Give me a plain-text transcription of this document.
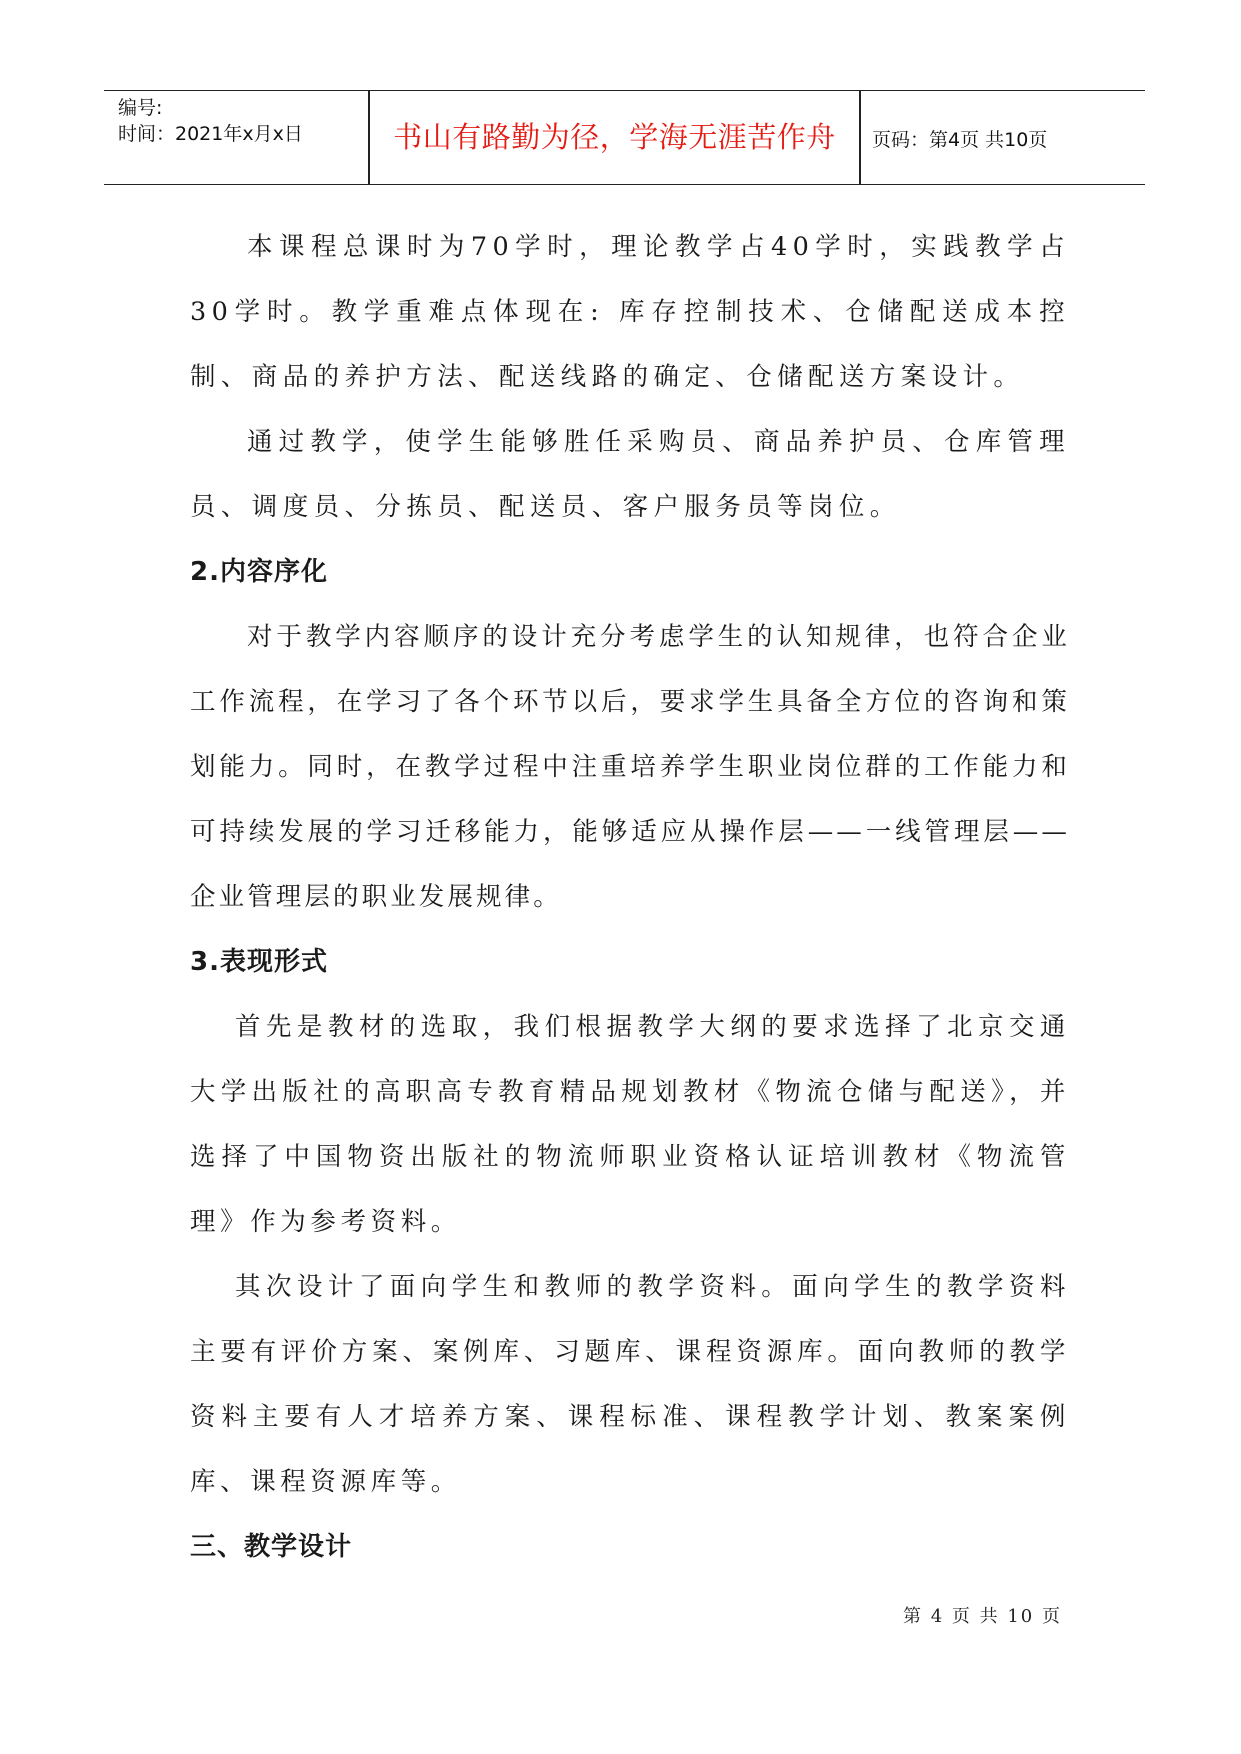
编号:
时间：2021年x月x日	书山有路勤为径，学海无涯苦作舟	页码：第4页 共10页

本课程总课时为70学时，理论教学占40学时，实践教学占30学时。教学重难点体现在: 库存控制技术、仓储配送成本控制、商品的养护方法、配送线路的确定、仓储配送方案设计。

通过教学，使学生能够胜任采购员、商品养护员、仓库管理员、调度员、分拣员、配送员、客户服务员等岗位。

2.内容序化

对于教学内容顺序的设计充分考虑学生的认知规律，也符合企业工作流程，在学习了各个环节以后，要求学生具备全方位的咨询和策划能力。同时，在教学过程中注重培养学生职业岗位群的工作能力和可持续发展的学习迁移能力，能够适应从操作层——一线管理层——企业管理层的职业发展规律。

3.表现形式

首先是教材的选取，我们根据教学大纲的要求选择了北京交通大学出版社的高职高专教育精品规划教材《物流仓储与配送》，并选择了中国物资出版社的物流师职业资格认证培训教材《物流管理》作为参考资料。

其次设计了面向学生和教师的教学资料。面向学生的教学资料主要有评价方案、案例库、习题库、课程资源库。面向教师的教学资料主要有人才培养方案、课程标准、课程教学计划、教案案例库、课程资源库等。

三、教学设计

第 4 页 共 10 页
